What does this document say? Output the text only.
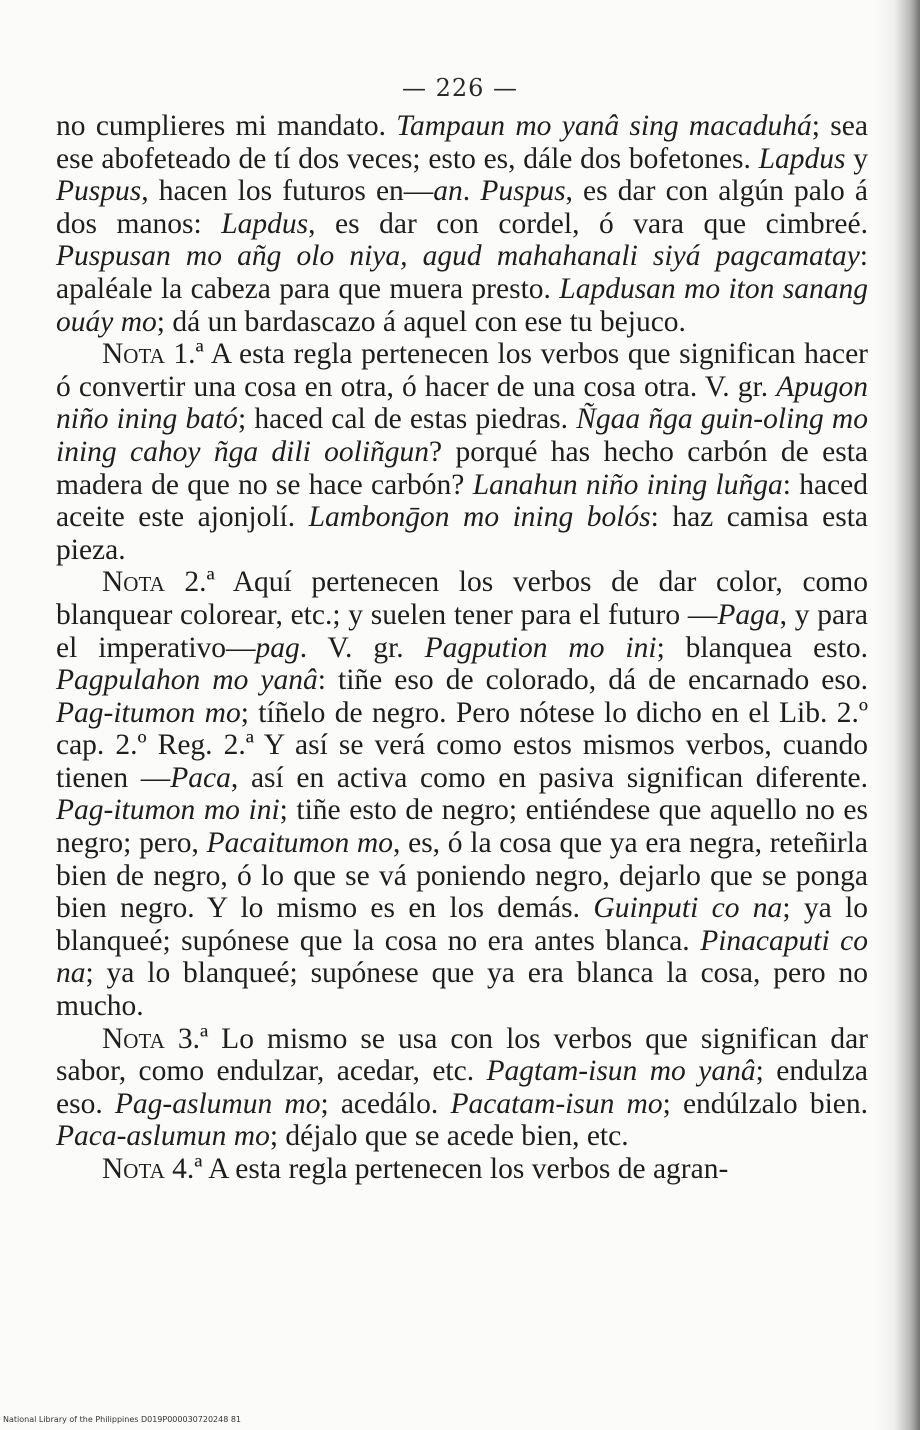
— 226 —

no cumplieres mi mandato. Tampaun mo yanâ sing macaduhá; sea ese abofeteado de tí dos veces; esto es, dále dos bofetones. Lapdus y Puspus, hacen los futuros en—an. Puspus, es dar con algún palo á dos manos: Lapdus, es dar con cordel, ó vara que cimbreé. Puspusan mo añg olo niya, agud mahahanali siyá pagcamatay: apaléale la cabeza para que muera presto. Lapdusan mo iton sanang ouáy mo; dá un bardascazo á aquel con ese tu bejuco.

Nota 1.ª A esta regla pertenecen los verbos que significan hacer ó convertir una cosa en otra, ó hacer de una cosa otra. V. gr. Apugon niño ining bató; haced cal de estas piedras. Ñgaa ñga guin-oling mo ining cahoy ñga dili ooliñgun? porqué has hecho carbón de esta madera de que no se hace carbón? Lanahun niño ining luñga: haced aceite este ajonjolí. Lambonḡon mo ining bolós: haz camisa esta pieza.

Nota 2.ª Aquí pertenecen los verbos de dar color, como blanquear colorear, etc.; y suelen tener para el futuro —Paga, y para el imperativo—pag. V. gr. Pagpution mo ini; blanquea esto. Pagpulahon mo yanâ: tiñe eso de colorado, dá de encarnado eso. Pag-itumon mo; tíñelo de negro. Pero nótese lo dicho en el Lib. 2.º cap. 2.º Reg. 2.ª Y así se verá como estos mismos verbos, cuando tienen —Paca, así en activa como en pasiva significan diferente. Pag-itumon mo ini; tiñe esto de negro; entiéndese que aquello no es negro; pero, Pacaitumon mo, es, ó la cosa que ya era negra, reteñirla bien de negro, ó lo que se vá poniendo negro, dejarlo que se ponga bien negro. Y lo mismo es en los demás. Guinputi co na; ya lo blanqueé; supónese que la cosa no era antes blanca. Pinacaputi co na; ya lo blanqueé; supónese que ya era blanca la cosa, pero no mucho.

Nota 3.ª Lo mismo se usa con los verbos que significan dar sabor, como endulzar, acedar, etc. Pagtam-isun mo yanâ; endulza eso. Pag-aslumun mo; acedálo. Pacatam-isun mo; endúlzalo bien. Paca-aslumun mo; déjalo que se acede bien, etc.

Nota 4.ª A esta regla pertenecen los verbos de agran-

National Library of the Philippines D019P000030720248 81
